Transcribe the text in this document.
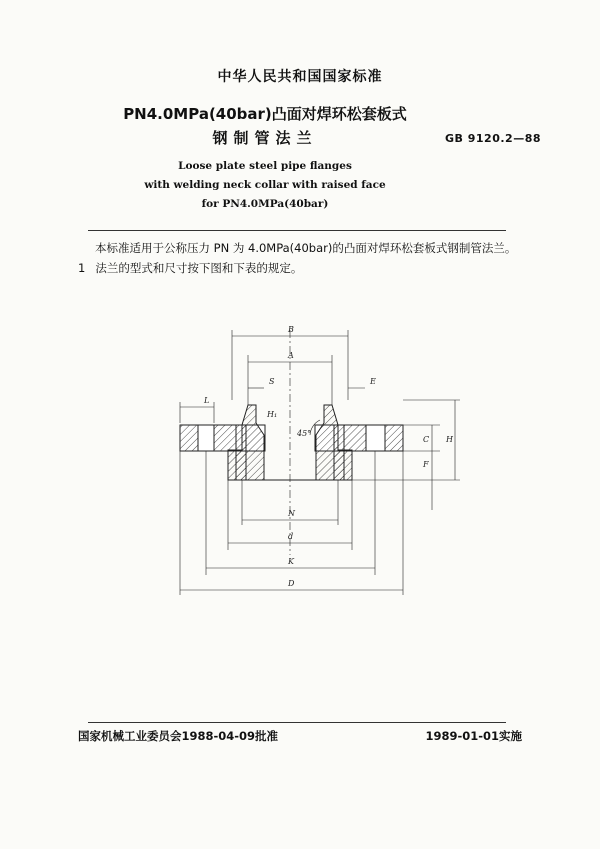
中华人民共和国国家标准
PN4.0MPa(40bar)凸面对焊环松套板式
钢制管法兰	GB 9120.2—88
Loose plate steel pipe flanges
with welding neck collar with raised face
for PN4.0MPa(40bar)
本标准适用于公称压力 PN 为 4.0MPa(40bar)的凸面对焊环松套板式钢制管法兰。
1 法兰的型式和尺寸按下图和下表的规定。
B
A
S	E
L
H₁
45°
C H
F
N
d
K
D
国家机械工业委员会1988-04-09批准	1989-01-01实施
